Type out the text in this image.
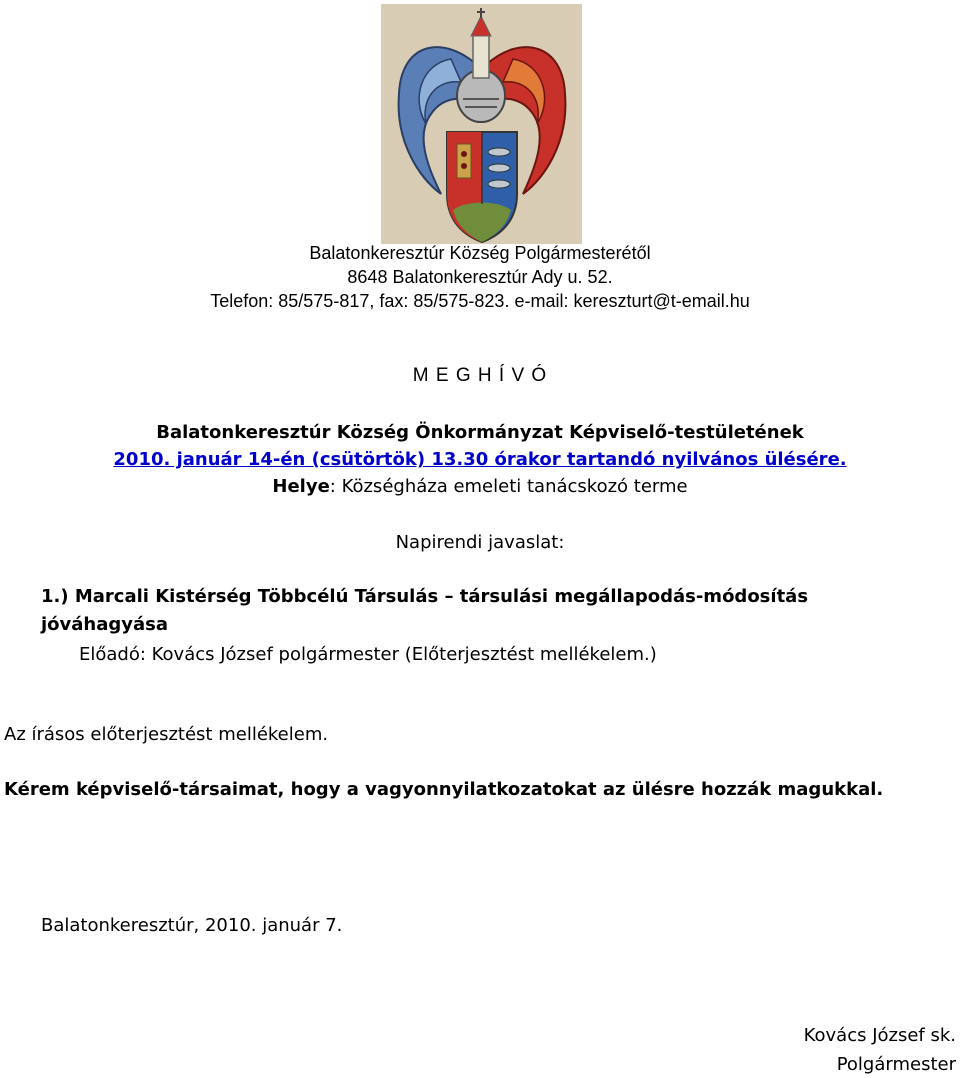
Balatonkeresztúr Község Polgármesterétől
8648 Balatonkeresztúr Ady u. 52.
Telefon: 85/575-817, fax: 85/575-823. e-mail: kereszturt@t-email.hu
M E G H Í V Ó
Balatonkeresztúr Község Önkormányzat Képviselő-testületének
2010. január 14-én (csütörtök) 13.30 órakor tartandó nyilvános ülésére.
Helye: Községháza emeleti tanácskozó terme
Napirendi javaslat:
1.) Marcali Kistérség Többcélú Társulás – társulási megállapodás-módosítás
jóváhagyása
Előadó: Kovács József polgármester (Előterjesztést mellékelem.)
Az írásos előterjesztést mellékelem.
Kérem képviselő-társaimat, hogy a vagyonnyilatkozatokat az ülésre hozzák magukkal.
Balatonkeresztúr, 2010. január 7.
Kovács József sk.
Polgármester
